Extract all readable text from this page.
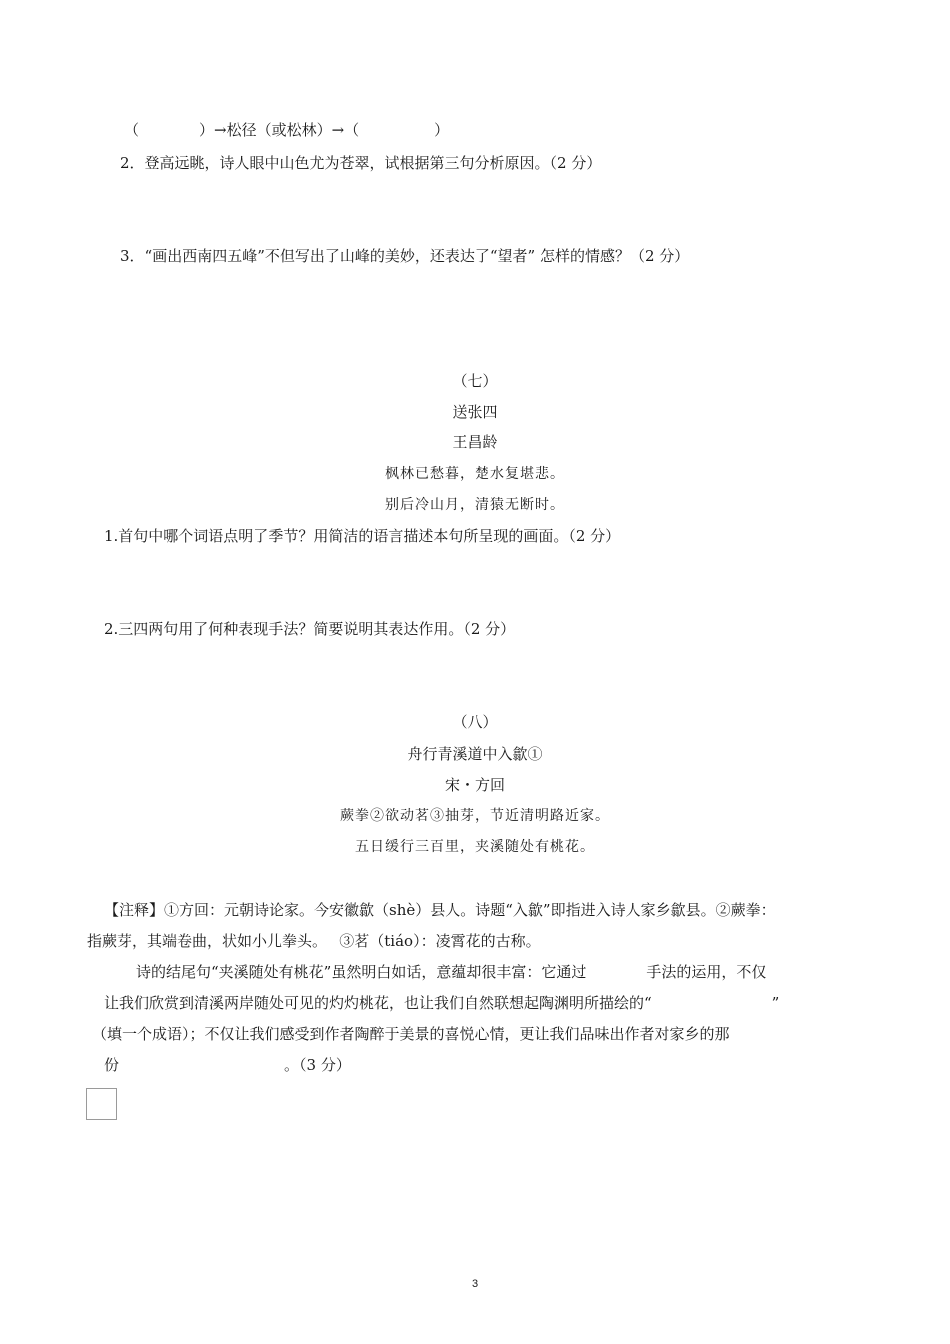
（　　　　）→松径（或松林）→（　　　　　）
2．登高远眺，诗人眼中山色尤为苍翠，试根据第三句分析原因。（2 分）
3．“画出西南四五峰”不但写出了山峰的美妙，还表达了“望者” 怎样的情感？（2 分）
（七）
送张四
王昌龄
枫林已愁暮，楚水复堪悲。
别后冷山月，清猿无断时。
1.首句中哪个词语点明了季节？用简洁的语言描述本句所呈现的画面。（2 分）
2.三四两句用了何种表现手法？简要说明其表达作用。（2 分）
（八）
舟行青溪道中入歙①
宋・方回
蕨拳②欲动茗③抽芽，节近清明路近家。
五日缓行三百里，夹溪随处有桃花。
【注释】①方回：元朝诗论家。今安徽歙（shè）县人。诗题“入歙”即指进入诗人家乡歙县。②蕨拳：
指蕨芽，其端卷曲，状如小儿拳头。　 ③茗（tiáo）：凌霄花的古称。
诗的结尾句“夹溪随处有桃花”虽然明白如话，意蕴却很丰富：它通过　　　　手法的运用，不仅
让我们欣赏到清溪两岸随处可见的灼灼桃花，也让我们自然联想起陶渊明所描绘的“　　　　　　　　”
（填一个成语）；不仅让我们感受到作者陶醉于美景的喜悦心情，更让我们品味出作者对家乡的那
份　　　　　　　　　　　。（3 分）
3
